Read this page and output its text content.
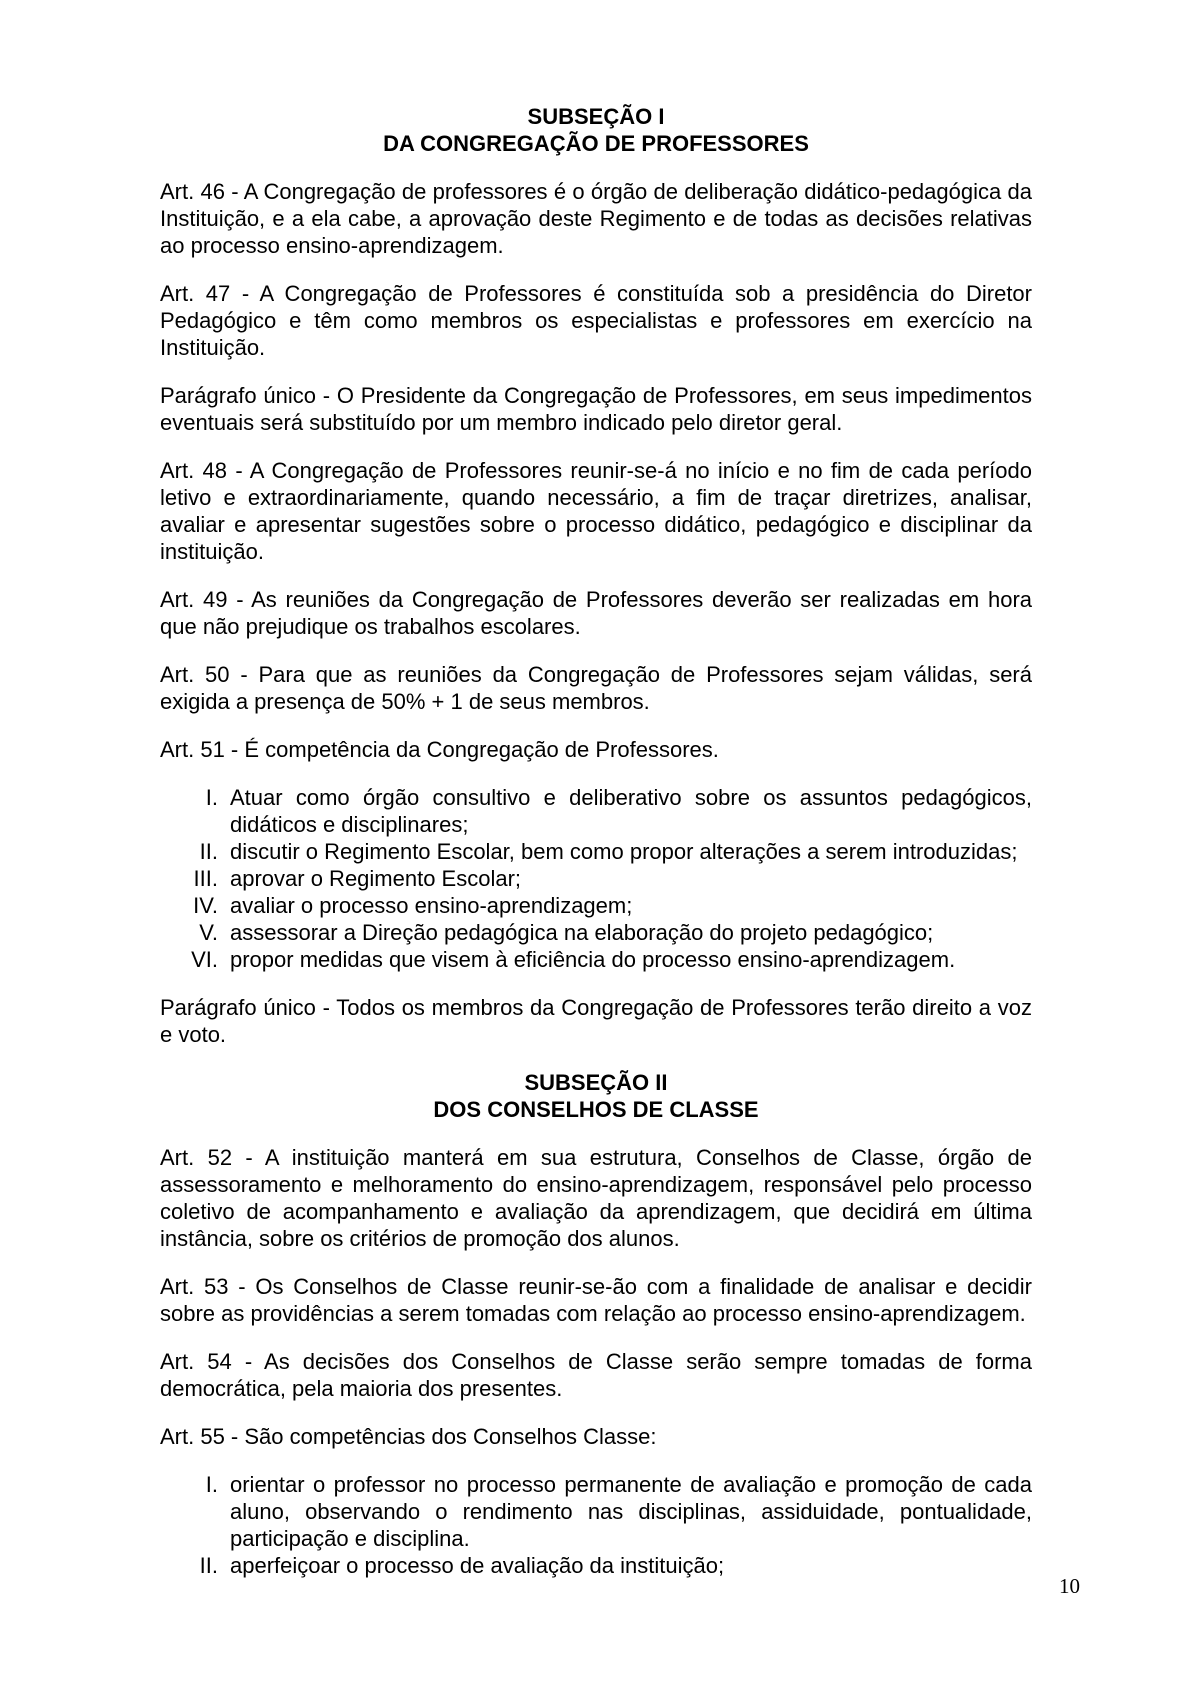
SUBSEÇÃO I
DA CONGREGAÇÃO DE PROFESSORES

Art. 46 - A Congregação de professores é o órgão de deliberação didático-pedagógica da Instituição, e a ela cabe, a aprovação deste Regimento e de todas as decisões relativas ao processo ensino-aprendizagem.

Art. 47 - A Congregação de Professores é constituída sob a presidência do Diretor Pedagógico e têm como membros os especialistas e professores em exercício na Instituição.

Parágrafo único - O Presidente da Congregação de Professores, em seus impedimentos eventuais será substituído por um membro indicado pelo diretor geral.

Art. 48 - A Congregação de Professores reunir-se-á no início e no fim de cada período letivo e extraordinariamente, quando necessário, a fim de traçar diretrizes, analisar, avaliar e apresentar sugestões sobre o processo didático, pedagógico e disciplinar da instituição.

Art. 49 - As reuniões da Congregação de Professores deverão ser realizadas em hora que não prejudique os trabalhos escolares.

Art. 50 - Para que as reuniões da Congregação de Professores sejam válidas, será exigida a presença de 50% + 1 de seus membros.

Art. 51 - É competência da Congregação de Professores.

I. Atuar como órgão consultivo e deliberativo sobre os assuntos pedagógicos, didáticos e disciplinares;
II. discutir o Regimento Escolar, bem como propor alterações a serem introduzidas;
III. aprovar o Regimento Escolar;
IV. avaliar o processo ensino-aprendizagem;
V. assessorar a Direção pedagógica na elaboração do projeto pedagógico;
VI. propor medidas que visem à eficiência do processo ensino-aprendizagem.

Parágrafo único - Todos os membros da Congregação de Professores terão direito a voz e voto.

SUBSEÇÃO II
DOS CONSELHOS DE CLASSE

Art. 52 - A instituição manterá em sua estrutura, Conselhos de Classe, órgão de assessoramento e melhoramento do ensino-aprendizagem, responsável pelo processo coletivo de acompanhamento e avaliação da aprendizagem, que decidirá em última instância, sobre os critérios de promoção dos alunos.

Art. 53 - Os Conselhos de Classe reunir-se-ão com a finalidade de analisar e decidir sobre as providências a serem tomadas com relação ao processo ensino-aprendizagem.

Art. 54 - As decisões dos Conselhos de Classe serão sempre tomadas de forma democrática, pela maioria dos presentes.

Art. 55 - São competências dos Conselhos Classe:

I. orientar o professor no processo permanente de avaliação e promoção de cada aluno, observando o rendimento nas disciplinas, assiduidade, pontualidade, participação e disciplina.
II. aperfeiçoar o processo de avaliação da instituição;
10
